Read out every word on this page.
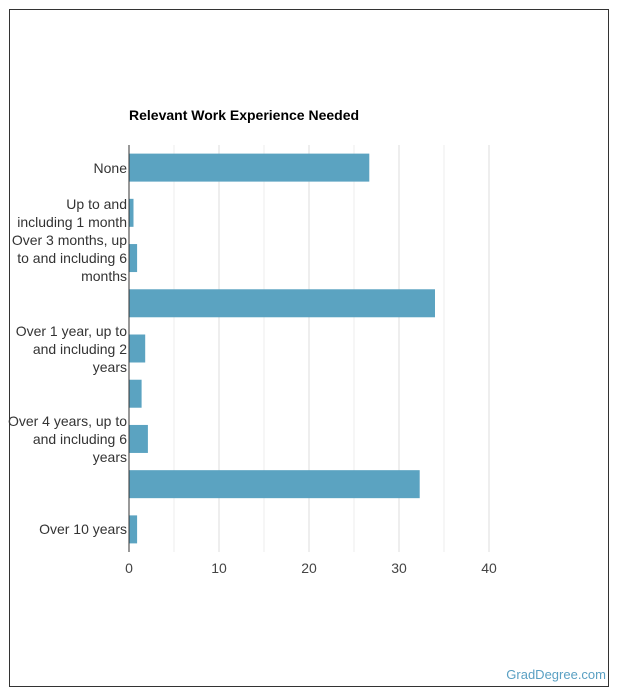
Relevant Work Experience Needed
None
Up to and
including 1 month
Over 3 months, up
to and including 6
months
Over 1 year, up to
and including 2
years
Over 4 years, up to
and including 6
years
Over 10 years
0	10	20	30	40
GradDegree.com
